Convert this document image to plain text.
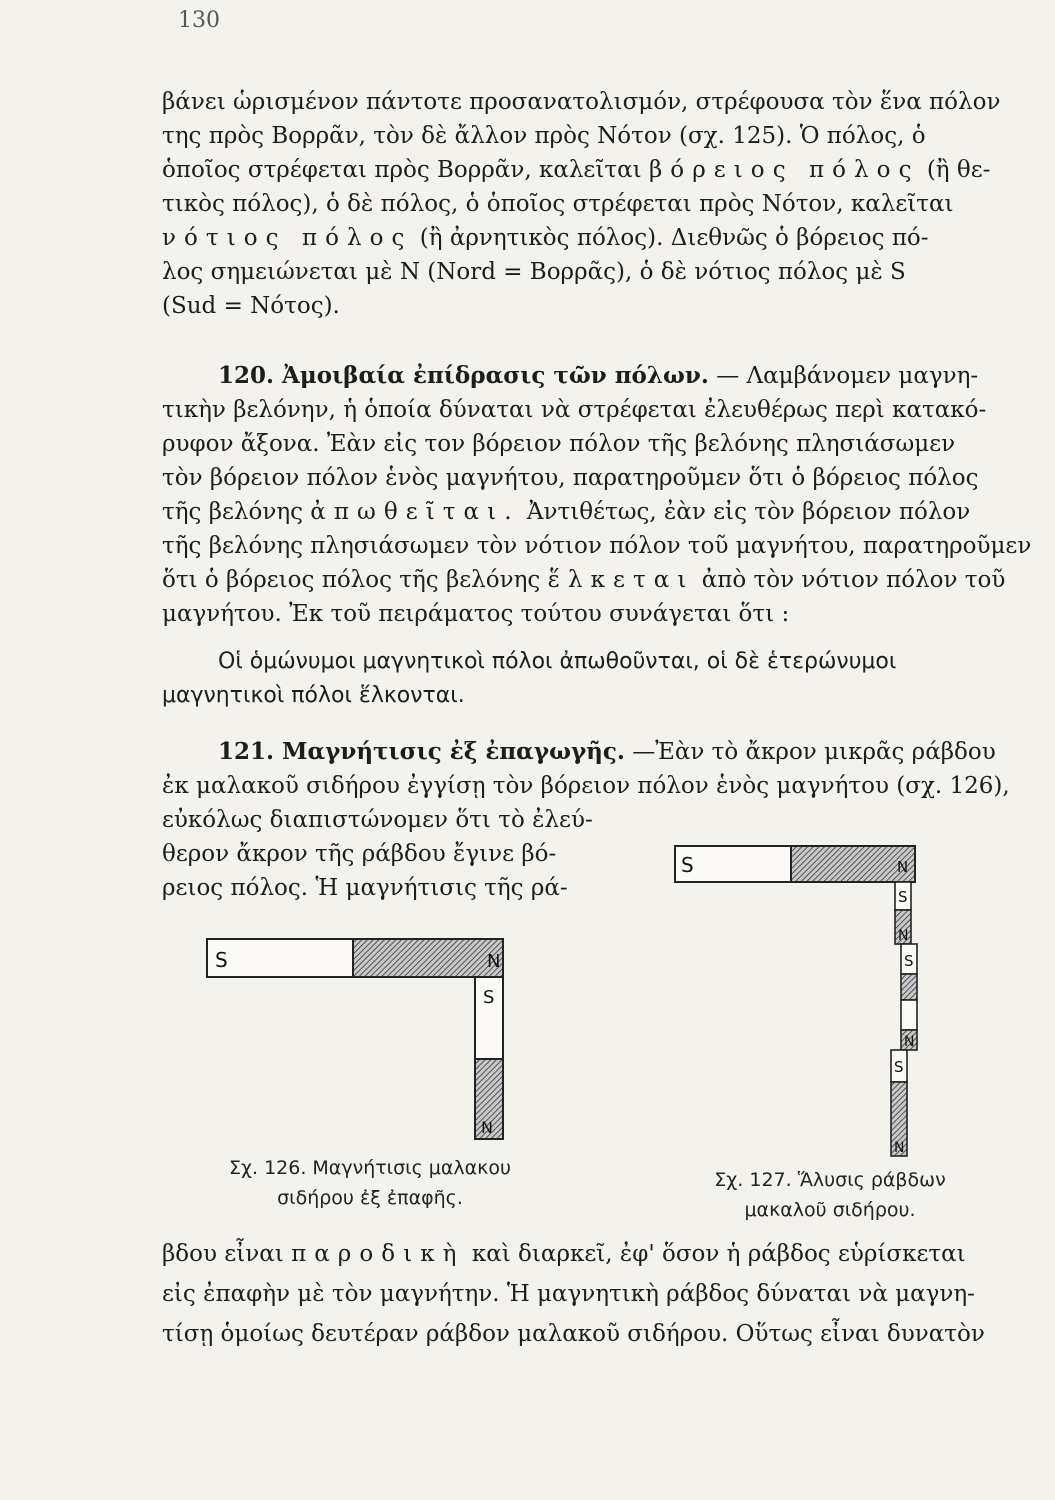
130
βάνει ὡρισμένον πάντοτε προσανατολισμόν, στρέφουσα τὸν ἕνα πόλον
της πρὸς Βορρᾶν, τὸν δὲ ἄλλον πρὸς Νότον (σχ. 125). Ὁ πόλος, ὁ
ὁποῖος στρέφεται πρὸς Βορρᾶν, καλεῖται βόρειος πόλος (ἢ θε-
τικὸς πόλος), ὁ δὲ πόλος, ὁ ὁποῖος στρέφεται πρὸς Νότον, καλεῖται
νότιος πόλος (ἢ ἀρνητικὸς πόλος). Διεθνῶς ὁ βόρειος πό-
λος σημειώνεται μὲ N (Nord = Βορρᾶς), ὁ δὲ νότιος πόλος μὲ S
(Sud = Νότος).
120. Ἀμοιβαία ἐπίδρασις τῶν πόλων. — Λαμβάνομεν μαγνη-
τικὴν βελόνην, ἡ ὁποία δύναται νὰ στρέφεται ἐλευθέρως περὶ κατακό-
ρυφον ἄξονα. Ἐὰν εἰς τον βόρειον πόλον τῆς βελόνης πλησιάσωμεν
τὸν βόρειον πόλον ἑνὸς μαγνήτου, παρατηροῦμεν ὅτι ὁ βόρειος πόλος
τῆς βελόνης ἀπωθεῖται. Ἀντιθέτως, ἐὰν εἰς τὸν βόρειον πόλον
τῆς βελόνης πλησιάσωμεν τὸν νότιον πόλον τοῦ μαγνήτου, παρατηροῦμεν
ὅτι ὁ βόρειος πόλος τῆς βελόνης ἕλκεται ἀπὸ τὸν νότιον πόλον τοῦ
μαγνήτου. Ἐκ τοῦ πειράματος τούτου συνάγεται ὅτι :
Οἱ ὁμώνυμοι μαγνητικοὶ πόλοι ἀπωθοῦνται, οἱ δὲ ἑτερώνυμοι
μαγνητικοὶ πόλοι ἕλκονται.
121. Μαγνήτισις ἐξ ἐπαγωγῆς. —Ἐὰν τὸ ἄκρον μικρᾶς ράβδου
ἐκ μαλακοῦ σιδήρου ἐγγίσῃ τὸν βόρειον πόλον ἑνὸς μαγνήτου (σχ. 126),
εὐκόλως διαπιστώνομεν ὅτι τὸ ἐλεύ-
θερον ἄκρον τῆς ράβδου ἔγινε βό-
ρειος πόλος. Ἡ μαγνήτισις τῆς ρά-
S	N
S
N
Σχ. 126. Μαγνήτισις μαλακου
σιδήρου ἐξ ἐπαφῆς.
S	N
S
N
S
N
S
N
Σχ. 127. Ἅλυσις ράβδων
μακαλοῦ σιδήρου.
βδου εἶναι παροδικὴ καὶ διαρκεῖ, ἐφ' ὅσον ἡ ράβδος εὑρίσκεται
εἰς ἐπαφὴν μὲ τὸν μαγνήτην. Ἡ μαγνητικὴ ράβδος δύναται νὰ μαγνη-
τίσῃ ὁμοίως δευτέραν ράβδον μαλακοῦ σιδήρου. Οὕτως εἶναι δυνατὸν
